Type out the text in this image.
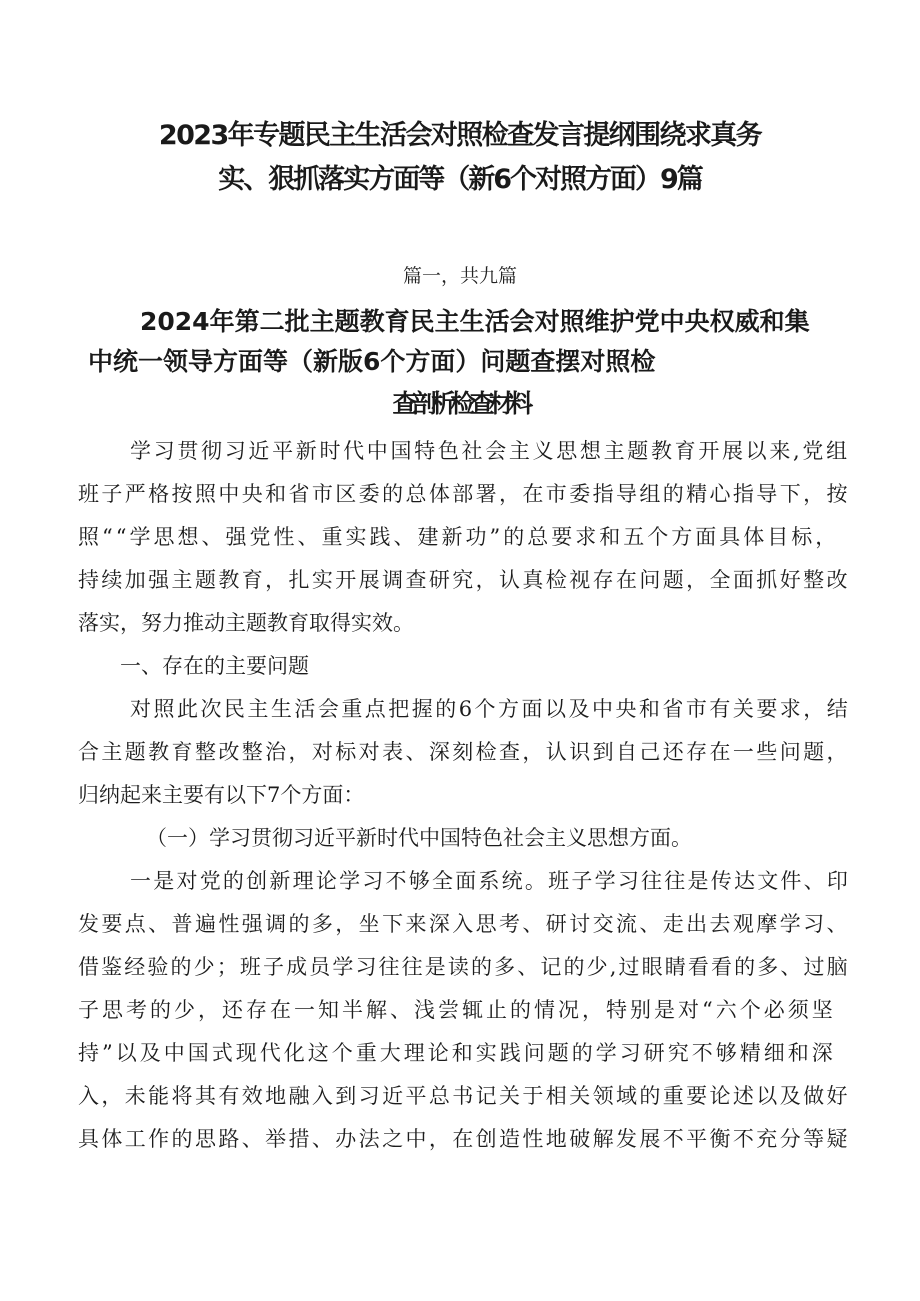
2023年专题民主生活会对照检查发言提纲围绕求真务
实、狠抓落实方面等（新6个对照方面）9篇
篇一，共九篇
2024年第二批主题教育民主生活会对照维护党中央权威和集
中统一领导方面等（新版6个方面）问题查摆对照检
查剖析检查材料
学习贯彻习近平新时代中国特色社会主义思想主题教育开展以来,党组
班子严格按照中央和省市区委的总体部署，在市委指导组的精心指导下，按
照““学思想、强党性、重实践、建新功”的总要求和五个方面具体目标，
持续加强主题教育，扎实开展调查研究，认真检视存在问题，全面抓好整改
落实，努力推动主题教育取得实效。
一、存在的主要问题
对照此次民主生活会重点把握的6个方面以及中央和省市有关要求，结
合主题教育整改整治，对标对表、深刻检查，认识到自己还存在一些问题，
归纳起来主要有以下7个方面：
（一）学习贯彻习近平新时代中国特色社会主义思想方面。
一是对党的创新理论学习不够全面系统。班子学习往往是传达文件、印
发要点、普遍性强调的多，坐下来深入思考、研讨交流、走出去观摩学习、
借鉴经验的少；班子成员学习往往是读的多、记的少,过眼睛看看的多、过脑
子思考的少，还存在一知半解、浅尝辄止的情况，特别是对“六个必须坚
持”以及中国式现代化这个重大理论和实践问题的学习研究不够精细和深
入，未能将其有效地融入到习近平总书记关于相关领域的重要论述以及做好
具体工作的思路、举措、办法之中，在创造性地破解发展不平衡不充分等疑
